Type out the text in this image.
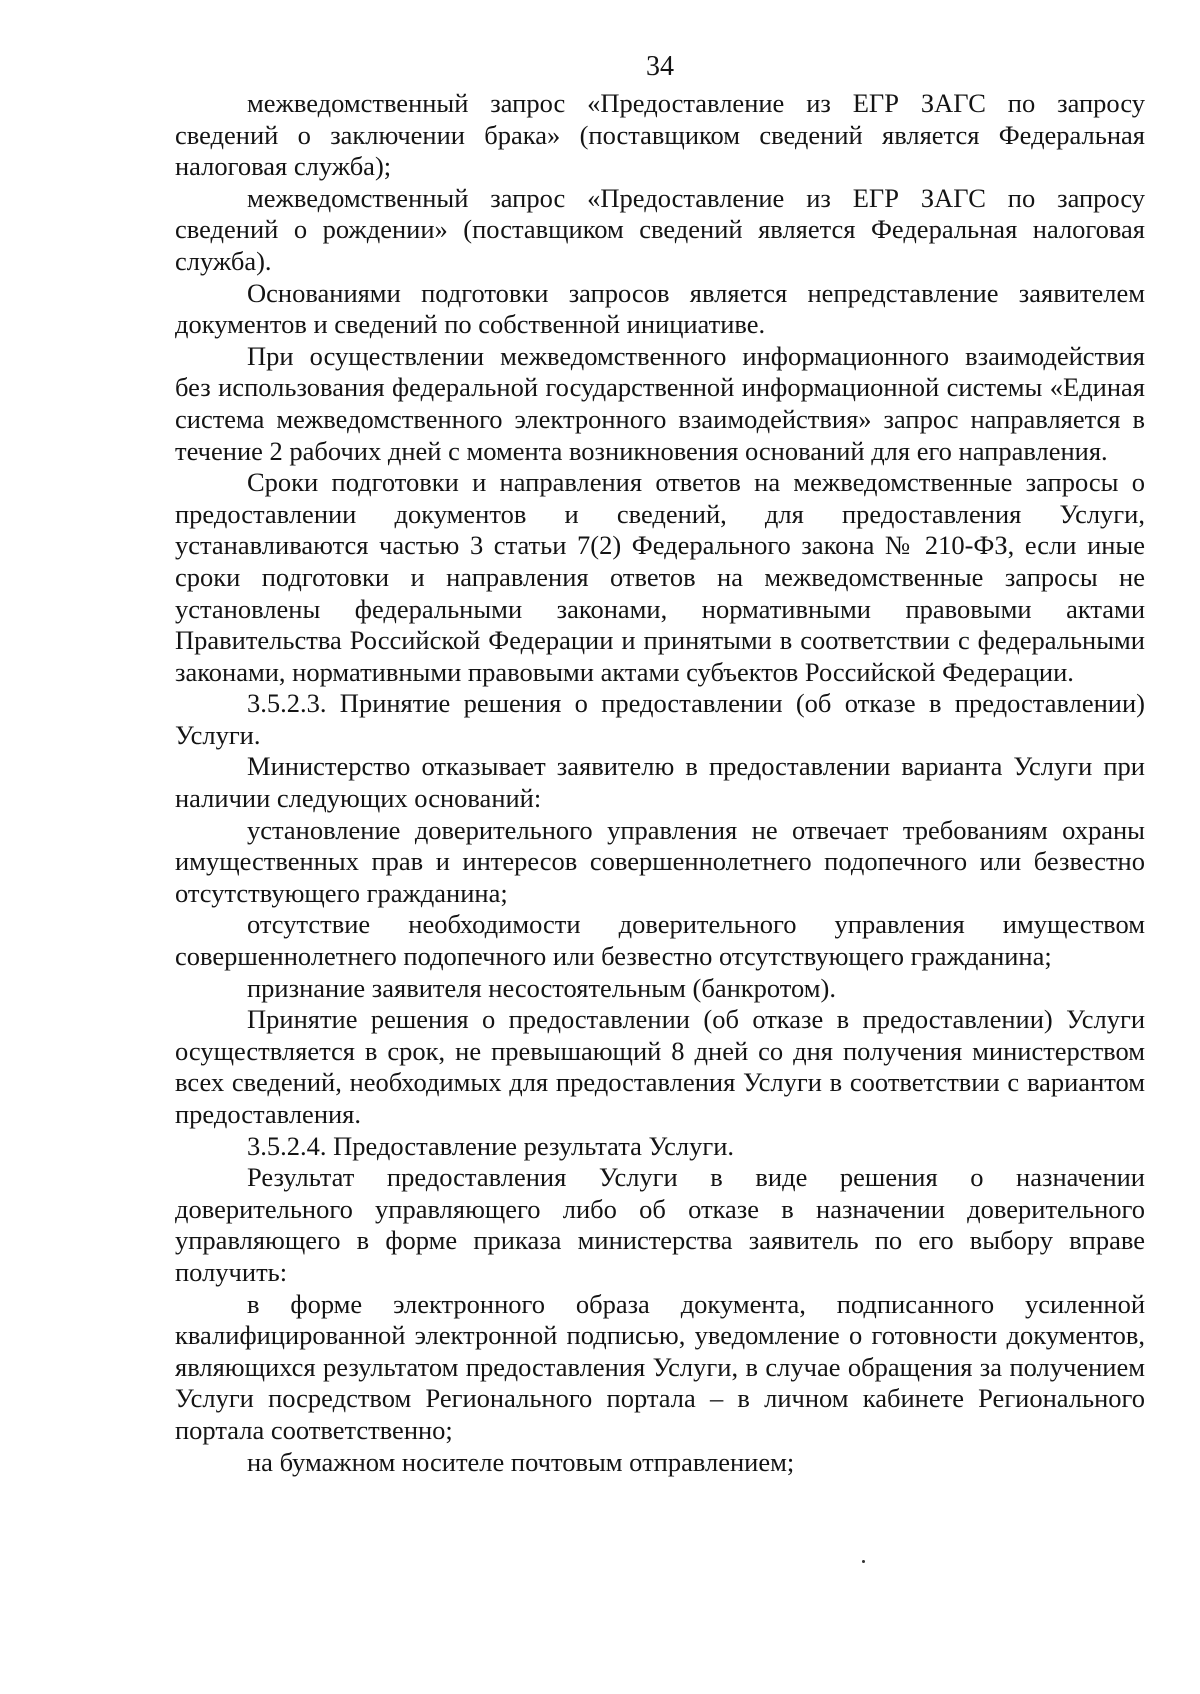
34

межведомственный запрос «Предоставление из ЕГР ЗАГС по запросу сведений о заключении брака» (поставщиком сведений является Федеральная налоговая служба);

межведомственный запрос «Предоставление из ЕГР ЗАГС по запросу сведений о рождении» (поставщиком сведений является Федеральная налоговая служба).

Основаниями подготовки запросов является непредставление заявителем документов и сведений по собственной инициативе.

При осуществлении межведомственного информационного взаимодействия без использования федеральной государственной информационной системы «Единая система межведомственного электронного взаимодействия» запрос направляется в течение 2 рабочих дней с момента возникновения оснований для его направления.

Сроки подготовки и направления ответов на межведомственные запросы о предоставлении документов и сведений, для предоставления Услуги, устанавливаются частью 3 статьи 7(2) Федерального закона № 210-ФЗ, если иные сроки подготовки и направления ответов на межведомственные запросы не установлены федеральными законами, нормативными правовыми актами Правительства Российской Федерации и принятыми в соответствии с федеральными законами, нормативными правовыми актами субъектов Российской Федерации.

3.5.2.3. Принятие решения о предоставлении (об отказе в предоставлении) Услуги.

Министерство отказывает заявителю в предоставлении варианта Услуги при наличии следующих оснований:

установление доверительного управления не отвечает требованиям охраны имущественных прав и интересов совершеннолетнего подопечного или безвестно отсутствующего гражданина;

отсутствие необходимости доверительного управления имуществом совершеннолетнего подопечного или безвестно отсутствующего гражданина;

признание заявителя несостоятельным (банкротом).

Принятие решения о предоставлении (об отказе в предоставлении) Услуги осуществляется в срок, не превышающий 8 дней со дня получения министерством всех сведений, необходимых для предоставления Услуги в соответствии с вариантом предоставления.

3.5.2.4. Предоставление результата Услуги.

Результат предоставления Услуги в виде решения о назначении доверительного управляющего либо об отказе в назначении доверительного управляющего в форме приказа министерства заявитель по его выбору вправе получить:

в форме электронного образа документа, подписанного усиленной квалифицированной электронной подписью, уведомление о готовности документов, являющихся результатом предоставления Услуги, в случае обращения за получением Услуги посредством Регионального портала – в личном кабинете Регионального портала соответственно;

на бумажном носителе почтовым отправлением;
